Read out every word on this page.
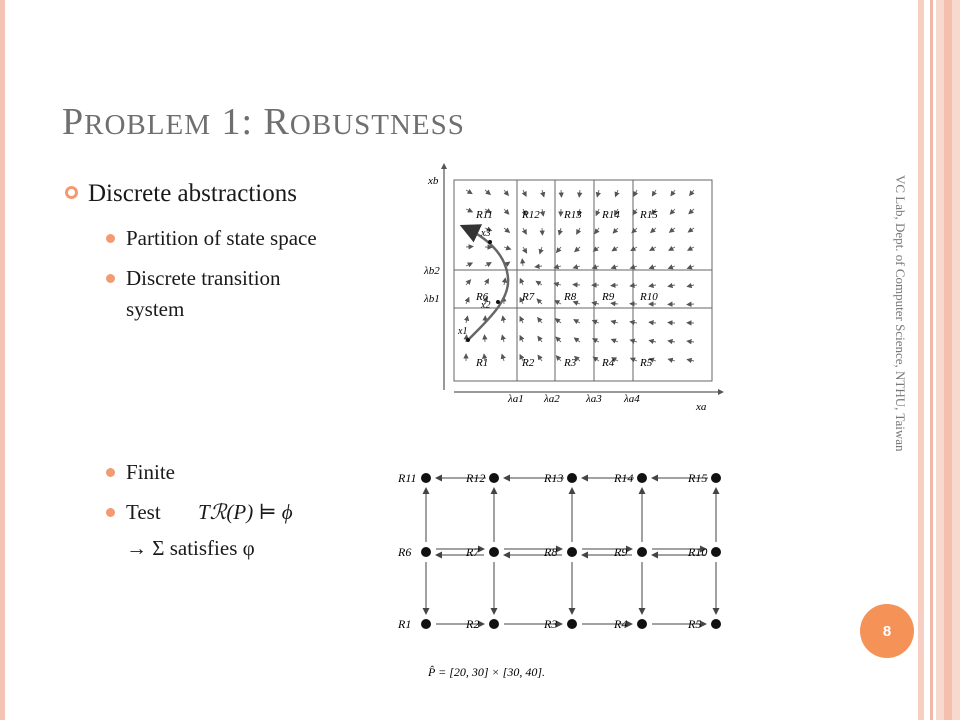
PROBLEM 1: ROBUSTNESS
Discrete abstractions
Partition of state space
Discrete transition
system
Finite
Test Tℛ(P) ⊨ ϕ
→ Σ satisfies φ
xb
xa
λa1 λa2 λa3 λa4
λb2
λb1
R11	R12 R13 R14 R15
R6	R7	R8 R9 R10
R1	R2	R3 R4 R5
x1
x2
x3
R11	R12	R13	R14	R15
R6	R7	R8	R9	R10
R1	R2	R3	R4	R5
P̂ = [20, 30] × [30, 40].
VC Lab, Dept. of Computer Science, NTHU, Taiwan
8
